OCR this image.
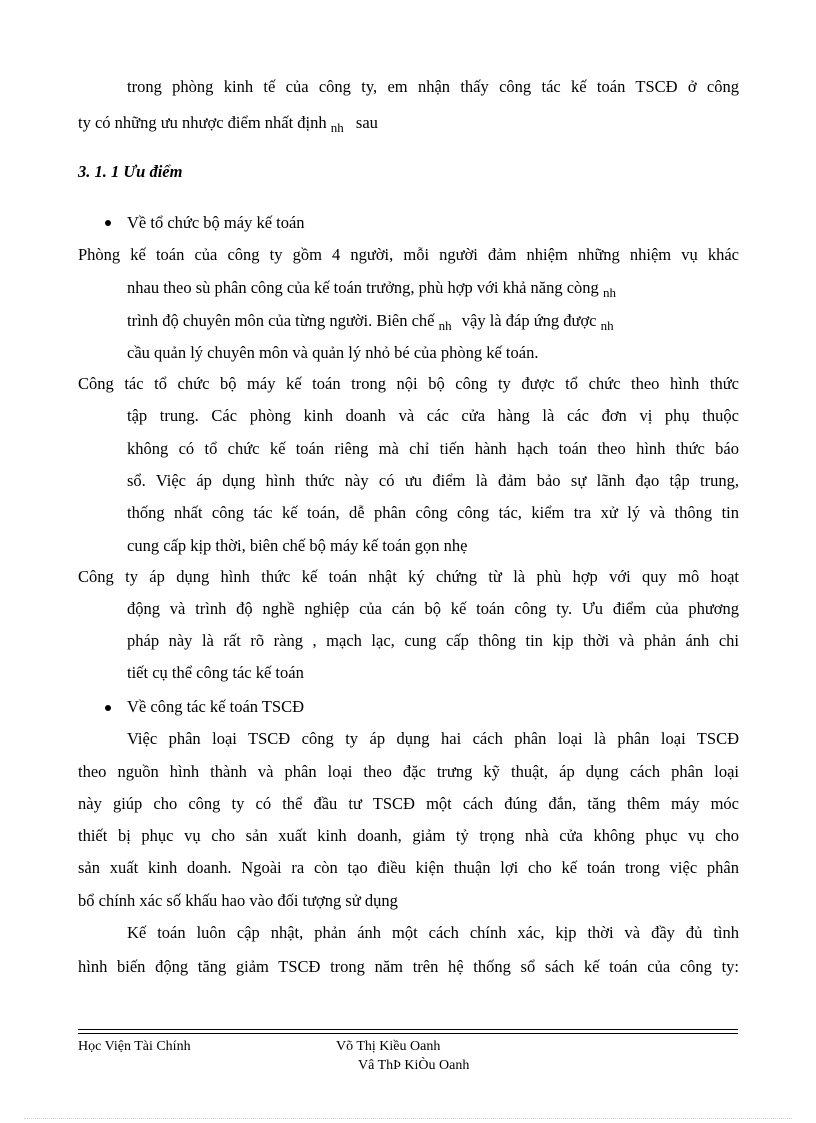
trong phòng kinh tế của công ty, em nhận thấy công tác kế toán TSCĐ ở công
ty có những ưu nhược điểm nhất định $_{nh}$ sau
3. 1. 1 Ưu điểm
Về tổ chức bộ máy kế toán
Phòng kế toán của công ty gồm 4 người, mỗi người đảm nhiệm những nhiệm vụ khác
nhau theo sù phân công của kế toán trưởng, phù hợp với khả năng còng $_{nh}$
trình độ chuyên môn của từng người. Biên chế $_{nh}$ vậy là đáp ứng được $_{nh}$
cầu quản lý chuyên môn và quản lý nhỏ bé của phòng kế toán.
Công tác tổ chức bộ máy kế toán trong nội bộ công ty được tổ chức theo hình thức
tập trung. Các phòng kinh doanh và các cửa hàng là các đơn vị phụ thuộc
không có tổ chức kế toán riêng mà chỉ tiến hành hạch toán theo hình thức báo
sổ. Việc áp dụng hình thức này có ưu điểm là đảm bảo sự lãnh đạo tập trung,
thống nhất công tác kế toán, dễ phân công công tác, kiểm tra xử lý và thông tin
cung cấp kịp thời, biên chế bộ máy kế toán gọn nhẹ
Công ty áp dụng hình thức kế toán nhật ký chứng từ là phù hợp với quy mô hoạt
động và trình độ nghề nghiệp của cán bộ kế toán công ty. Ưu điểm của phương
pháp này là rất rõ ràng , mạch lạc, cung cấp thông tin kịp thời và phản ánh chi
tiết cụ thể công tác kế toán
Về công tác kế toán TSCĐ
Việc phân loại TSCĐ công ty áp dụng hai cách phân loại là phân loại TSCĐ
theo nguồn hình thành và phân loại theo đặc trưng kỹ thuật, áp dụng cách phân loại
này giúp cho công ty có thể đầu tư TSCĐ một cách đúng đắn, tăng thêm máy móc
thiết bị phục vụ cho sản xuất kinh doanh, giảm tỷ trọng nhà cửa không phục vụ cho
sản xuất kinh doanh. Ngoài ra còn tạo điều kiện thuận lợi cho kế toán trong việc phân
bổ chính xác số khấu hao vào đối tượng sử dụng
Kế toán luôn cập nhật, phản ánh một cách chính xác, kịp thời và đầy đủ tình
hình biến động tăng giảm TSCĐ trong năm trên hệ thống sổ sách kế toán của công ty:
Học Viện Tài Chính	Võ Thị Kiều Oanh
Vâ ThÞ KiÒu Oanh
